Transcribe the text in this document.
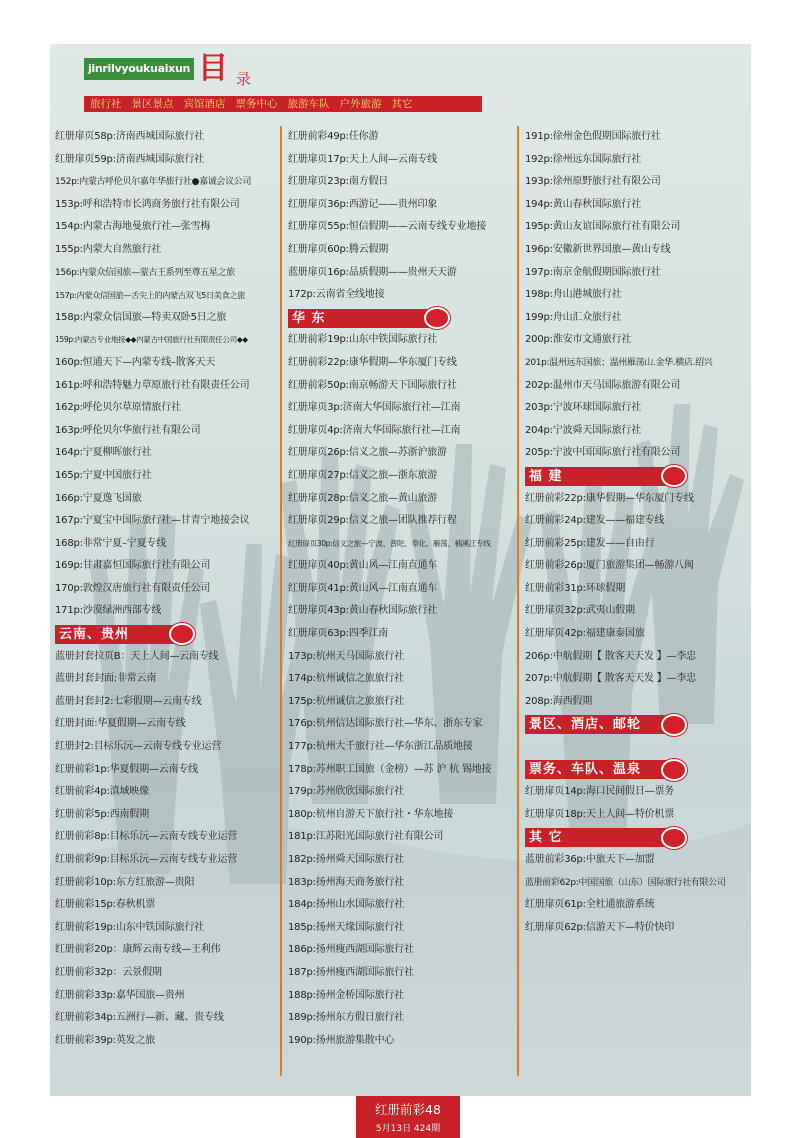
jinrilvyoukuaixun 目 录
旅行社 景区景点 宾馆酒店 票务中心 旅游车队 户外旅游 其它
红册扉页58p:济南西城国际旅行社
红册扉页59p:济南西城国际旅行社
152p:内蒙古呼伦贝尔嘉年华旅行社●嘉诚会议公司
153p:呼和浩特市长鸿商务旅行社有限公司
154p:内蒙古海地曼旅行社—张雪梅
155p:内蒙大自然旅行社
156p:内蒙众信国旅—蒙古王系列至尊五星之旅
157p:内蒙众信国旅—舌尖上的内蒙古双飞5日美食之旅
158p:内蒙众信国旅—特卖双卧5日之旅
159p:内蒙古专业地接◆◆内蒙古中国旅行社有限责任公司◆◆
160p:恒通天下—内蒙专线–散客天天
161p:呼和浩特魅力草原旅行社有限责任公司
162p:呼伦贝尔草原情旅行社
163p:呼伦贝尔华旅行社有限公司
164p:宁夏柳晖旅行社
165p:宁夏中国旅行社
166p:宁夏逸飞国旅
167p:宁夏宝中国际旅行社—甘青宁地接会议
168p:非常宁夏–宁夏专线
169p:甘肃嘉恒国际旅行社有限公司
170p:敦煌汉唐旅行社有限责任公司
171p:沙漠绿洲西部专线
云南、贵州
蓝册封套拉页B：天上人间—云南专线
蓝册封套封面:非常云南
蓝册封套封2:七彩假期—云南专线
红册封面:华夏假期—云南专线
红册封2:目标乐沅—云南专线专业运营
红册前彩1p:华夏假期—云南专线
红册前彩4p:滇域映像
红册前彩5p:西南假期
红册前彩8p:目标乐沅—云南专线专业运营
红册前彩9p:目标乐沅—云南专线专业运营
红册前彩10p:东方红旅游—贵阳
红册前彩15p:春秋机票
红册前彩19p:山东中铁国际旅行社
红册前彩20p：康辉云南专线—王利伟
红册前彩32p：云景假期
红册前彩33p:嘉华国旅—贵州
红册前彩34p:五洲行—新、藏、贵专线
红册前彩39p:英发之旅
红册前彩49p:任你游
红册扉页17p:天上人间—云南专线
红册扉页23p:南方假日
红册扉页36p:西游记——贵州印象
红册扉页55p:恒信假期——云南专线专业地接
红册扉页60p:腾云假期
蓝册扉页16p:品质假期——贵州天天游
172p:云南省全线地接
华 东
红册前彩19p:山东中铁国际旅行社
红册前彩22p:康华假期—华东厦门专线
红册前彩50p:南京畅游天下国际旅行社
红册扉页3p:济南大华国际旅行社—江南
红册扉页4p:济南大华国际旅行社—江南
红册扉页26p:信义之旅—苏浙沪旅游
红册扉页27p:信义之旅—浙东旅游
红册扉页28p:信义之旅—黄山旅游
红册扉页29p:信义之旅—团队推荐行程
红册扉页30p:信义之旅—宁波、普陀、奉化、雁荡、楠溪江专线
红册扉页40p:黄山风—江南直通车
红册扉页41p:黄山风—江南直通车
红册扉页43p:黄山春秋国际旅行社
红册扉页63p:四季江南
173p:杭州天马国际旅行社
174p:杭州诚信之旅旅行社
175p:杭州诚信之旅旅行社
176p:杭州信达国际旅行社—华东、浙东专家
177p:杭州大千旅行社—华东浙江品质地接
178p:苏州职工国旅（金榜）—苏 沪 杭 锡地接
179p:苏州欣欣国际旅行社
180p:杭州自游天下旅行社・华东地接
181p:江苏阳光国际旅行社有限公司
182p:扬州舜天国际旅行社
183p:扬州海天商务旅行社
184p:扬州山水国际旅行社
185p:扬州天缘国际旅行社
186p:扬州瘦西湖国际旅行社
187p:扬州瘦西湖国际旅行社
188p:扬州金桥国际旅行社
189p:扬州东方假日旅行社
190p:扬州旅游集散中心
191p:徐州金色假期国际旅行社
192p:徐州远东国际旅行社
193p:徐州原野旅行社有限公司
194p:黄山春秋国际旅行社
195p:黄山友谊国际旅行社有限公司
196p:安徽新世界国旅—黄山专线
197p:南京金航假期国际旅行社
198p:舟山港城旅行社
199p:舟山汇众旅行社
200p:淮安市文通旅行社
201p:温州远东国旅；温州雁荡山.金华.横店.绍兴
202p:温州市天马国际旅游有限公司
203p:宁波环球国际旅行社
204p:宁波舜天国际旅行社
205p:宁波中国国际旅行社有限公司
福 建
红册前彩22p:康华假期—华东厦门专线
红册前彩24p:建发——福建专线
红册前彩25p:建发——自由行
红册前彩26p:厦门旅游集团—畅游八闽
红册前彩31p:环球假期
红册扉页32p:武夷山假期
红册扉页42p:福建康泰国旅
206p:中航假期【 散客天天发 】—李忠
207p:中航假期【 散客天天发 】—李忠
208p:海西假期
景区、酒店、邮轮
票务、车队、温泉
红册扉页14p:海口民间假日—票务
红册扉页18p:天上人间—特价机票
其 它
蓝册前彩36p:中旅天下—加盟
蓝册前彩62p:中国国旅（山东）国际旅行社有限公司
红册扉页61p:全杜通旅游系统
红册扉页62p:信游天下—特价快印
红册前彩48
5月13日 424期
